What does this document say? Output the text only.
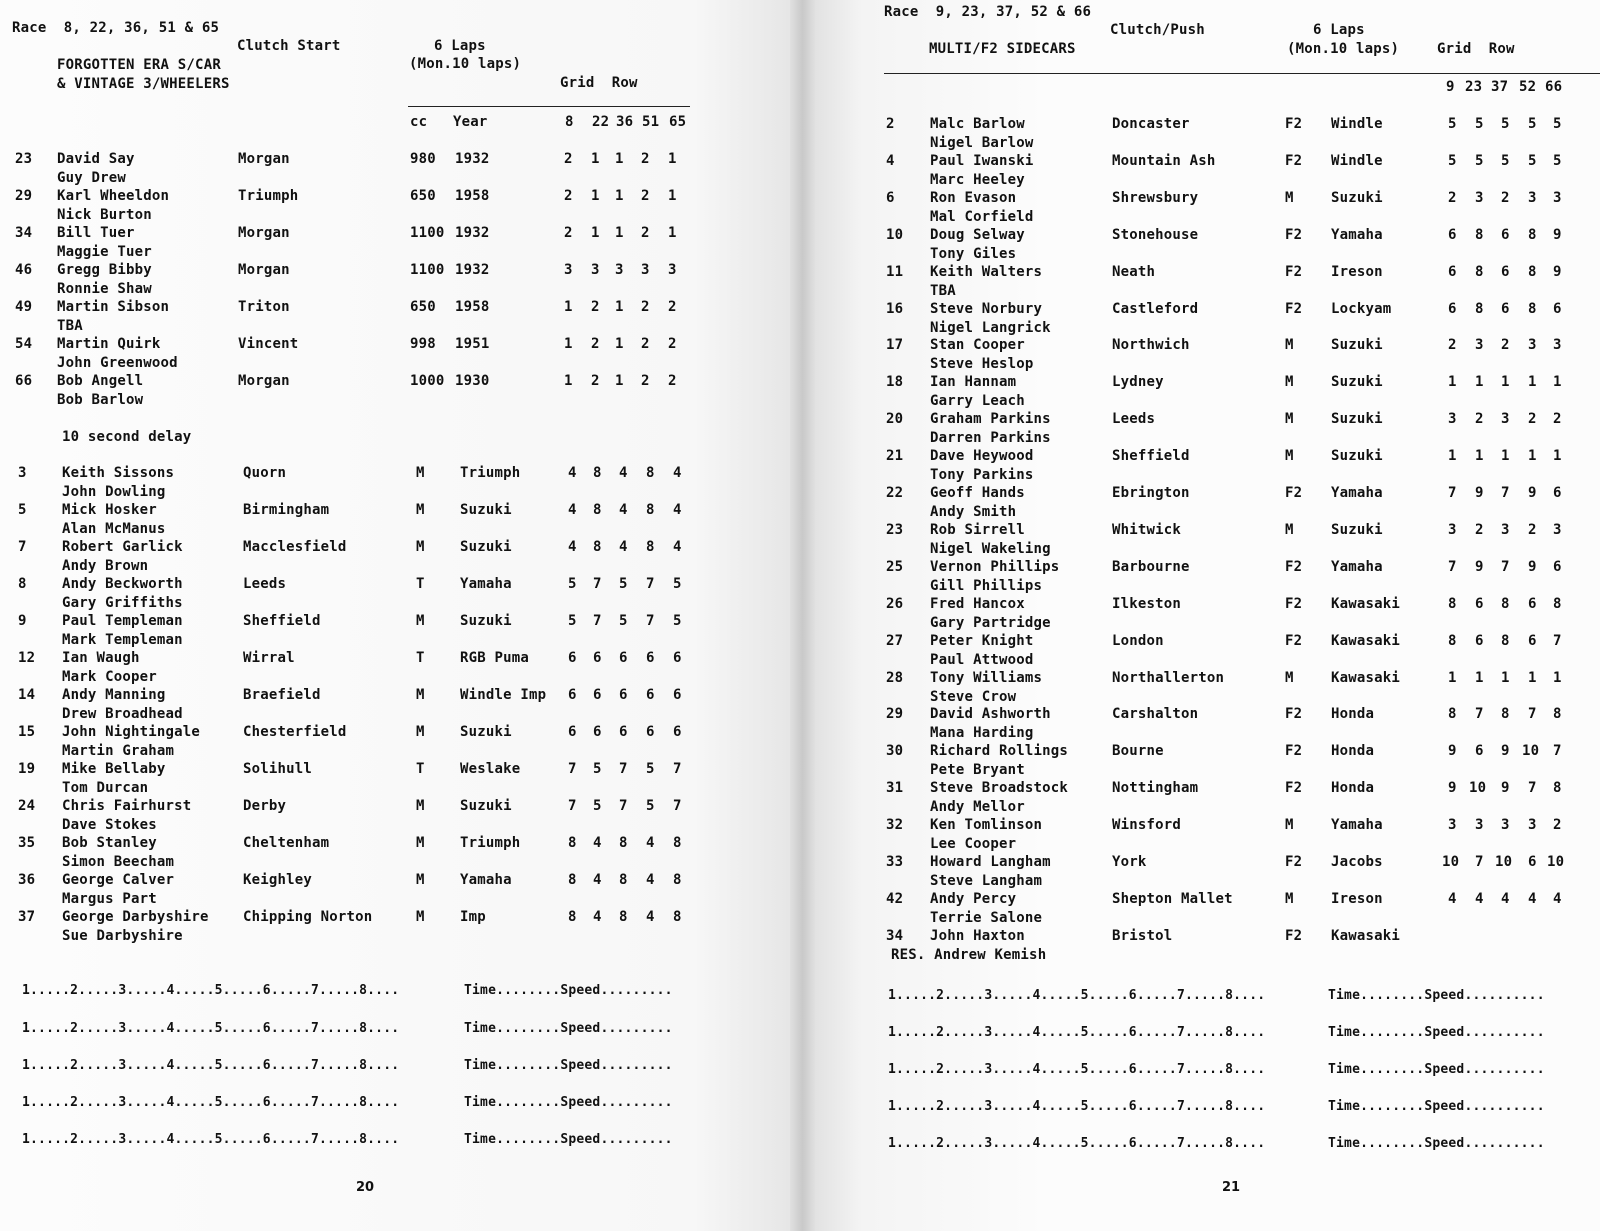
Race  8, 22, 36, 51 & 65
Clutch Start
FORGOTTEN ERA S/CAR
& VINTAGE 3/WHEELERS
6 Laps
(Mon.10 laps)
Grid  Row
cc Year	8 22 36 51 65
23 David Say
Guy Drew
Morgan	980 1932	2 1 1 2 1
29 Karl Wheeldon
Nick Burton
Triumph	650 1958	2 1 1 2 1
34 Bill Tuer
Maggie Tuer
Morgan	1100 1932	2 1 1 2 1
46 Gregg Bibby
Ronnie Shaw
Morgan	1100 1932	3 3 3 3 3
49 Martin Sibson
TBA
Triton	650 1958	1 2 1 2 2
54 Martin Quirk
John Greenwood
Vincent	998 1951	1 2 1 2 2
66 Bob Angell
Bob Barlow
Morgan	1000 1930	1 2 1 2 2
10 second delay
3	Keith Sissons
John Dowling
Quorn	M	Triumph	4 8 4 8 4
5	Mick Hosker
Alan McManus
Birmingham	M	Suzuki	4 8 4 8 4
7	Robert Garlick
Andy Brown
Macclesfield	M	Suzuki	4 8 4 8 4
8	Andy Beckworth
Gary Griffiths
Leeds	T	Yamaha	5 7 5 7 5
9	Paul Templeman
Mark Templeman
Sheffield	M	Suzuki	5 7 5 7 5
12 Ian Waugh
Mark Cooper
Wirral	T	RGB Puma	6 6 6 6 6
14 Andy Manning
Drew Broadhead
Braefield	M	Windle Imp 6 6 6 6 6
15 John Nightingale
Martin Graham
Chesterfield	M	Suzuki	6 6 6 6 6
19 Mike Bellaby
Tom Durcan
Solihull	T	Weslake	7 5 7 5 7
24 Chris Fairhurst
Dave Stokes
Derby	M	Suzuki	7 5 7 5 7
35 Bob Stanley
Simon Beecham
Cheltenham	M	Triumph	8 4 8 4 8
36 George Calver
Margus Part
Keighley	M	Yamaha	8 4 8 4 8
37 George Darbyshire
Sue Darbyshire
Chipping Norton	M	Imp	8 4 8 4 8
1.....2.....3.....4.....5.....6.....7.....8....	Time........Speed.........
1.....2.....3.....4.....5.....6.....7.....8....	Time........Speed.........
1.....2.....3.....4.....5.....6.....7.....8....	Time........Speed.........
1.....2.....3.....4.....5.....6.....7.....8....	Time........Speed.........
1.....2.....3.....4.....5.....6.....7.....8....	Time........Speed.........
20
Race  9, 23, 37, 52 & 66
Clutch/Push
MULTI/F2 SIDECARS
6 Laps
(Mon.10 laps)	Grid  Row
9 23 37 52 66
2	Malc Barlow
Nigel Barlow
Doncaster	F2 Windle	5 5 5 5 5
4	Paul Iwanski
Marc Heeley
Mountain Ash	F2 Windle	5 5 5 5 5
6	Ron Evason
Mal Corfield
Shrewsbury	M	Suzuki	2 3 2 3 3
10 Doug Selway
Tony Giles
Stonehouse	F2 Yamaha	6 8 6 8 9
11 Keith Walters
TBA
Neath	F2 Ireson	6 8 6 8 9
16 Steve Norbury
Nigel Langrick
Castleford	F2 Lockyam	6 8 6 8 6
17 Stan Cooper
Steve Heslop
Northwich	M	Suzuki	2 3 2 3 3
18 Ian Hannam
Garry Leach
Lydney	M	Suzuki	1 1 1 1 1
20 Graham Parkins
Darren Parkins
Leeds	M	Suzuki	3 2 3 2 2
21 Dave Heywood
Tony Parkins
Sheffield	M	Suzuki	1 1 1 1 1
22 Geoff Hands
Andy Smith
Ebrington	F2 Yamaha	7 9 7 9 6
23 Rob Sirrell
Nigel Wakeling
Whitwick	M	Suzuki	3 2 3 2 3
25 Vernon Phillips
Gill Phillips
Barbourne	F2 Yamaha	7 9 7 9 6
26 Fred Hancox
Gary Partridge
Ilkeston	F2 Kawasaki	8 6 8 6 8
27 Peter Knight
Paul Attwood
London	F2 Kawasaki	8 6 8 6 7
28 Tony Williams
Steve Crow
Northallerton	M	Kawasaki	1 1 1 1 1
29 David Ashworth
Mana Harding
Carshalton	F2 Honda	8 7 8 7 8
30 Richard Rollings
Pete Bryant
Bourne	F2 Honda	9 6 9 10 7
31 Steve Broadstock
Andy Mellor
Nottingham	F2 Honda	9 10 9 7 8
32 Ken Tomlinson
Lee Cooper
Winsford	M	Yamaha	3 3 3 3 2
33 Howard Langham
Steve Langham
York	F2 Jacobs	10 7 10 6 10
42 Andy Percy
Terrie Salone
Shepton Mallet	M	Ireson	4 4 4 4 4
34 John Haxton	Bristol	F2 Kawasaki
RES. Andrew Kemish
1.....2.....3.....4.....5.....6.....7.....8....	Time........Speed..........
1.....2.....3.....4.....5.....6.....7.....8....	Time........Speed..........
1.....2.....3.....4.....5.....6.....7.....8....	Time........Speed..........
1.....2.....3.....4.....5.....6.....7.....8....	Time........Speed..........
1.....2.....3.....4.....5.....6.....7.....8....	Time........Speed..........
21
